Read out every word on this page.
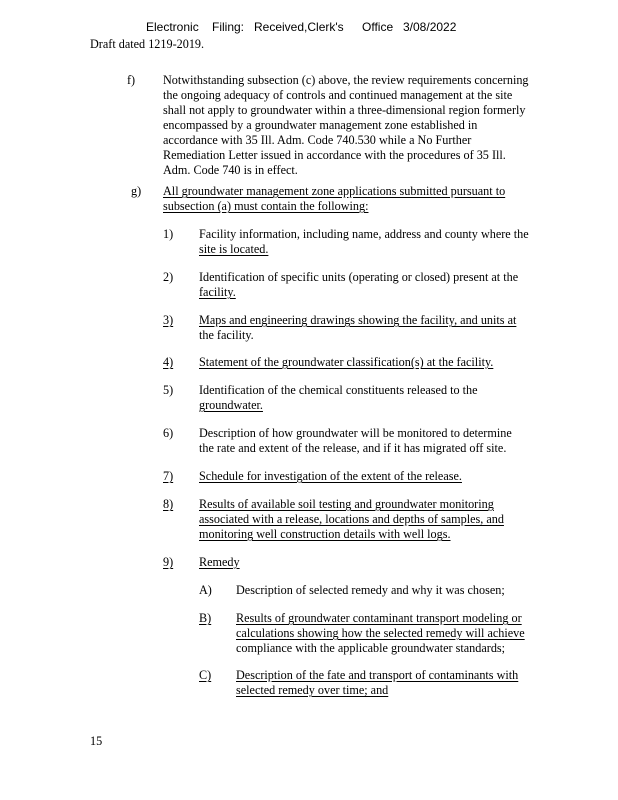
Electronic Filing: Received,Clerk's Office 3/08/2022
Draft dated 1219-2019.
f) Notwithstanding subsection (c) above, the review requirements concerning
the ongoing adequacy of controls and continued management at the site
shall not apply to groundwater within a three-dimensional region formerly
encompassed by a groundwater management zone established in
accordance with 35 Ill. Adm. Code 740.530 while a No Further
Remediation Letter issued in accordance with the procedures of 35 Ill.
Adm. Code 740 is in effect.
g) All groundwater management zone applications submitted pursuant to
subsection (a) must contain the following:
1) Facility information, including name, address and county where the
site is located.
2) Identification of specific units (operating or closed) present at the
facility.
3) Maps and engineering drawings showing the facility, and units at
the facility.
4) Statement of the groundwater classification(s) at the facility.
5) Identification of the chemical constituents released to the
groundwater.
6) Description of how groundwater will be monitored to determine
the rate and extent of the release, and if it has migrated off site.
7) Schedule for investigation of the extent of the release.
8) Results of available soil testing and groundwater monitoring
associated with a release, locations and depths of samples, and
monitoring well construction details with well logs.
9) Remedy
A) Description of selected remedy and why it was chosen;
B) Results of groundwater contaminant transport modeling or
calculations showing how the selected remedy will achieve
compliance with the applicable groundwater standards;
C) Description of the fate and transport of contaminants with
selected remedy over time; and
15
